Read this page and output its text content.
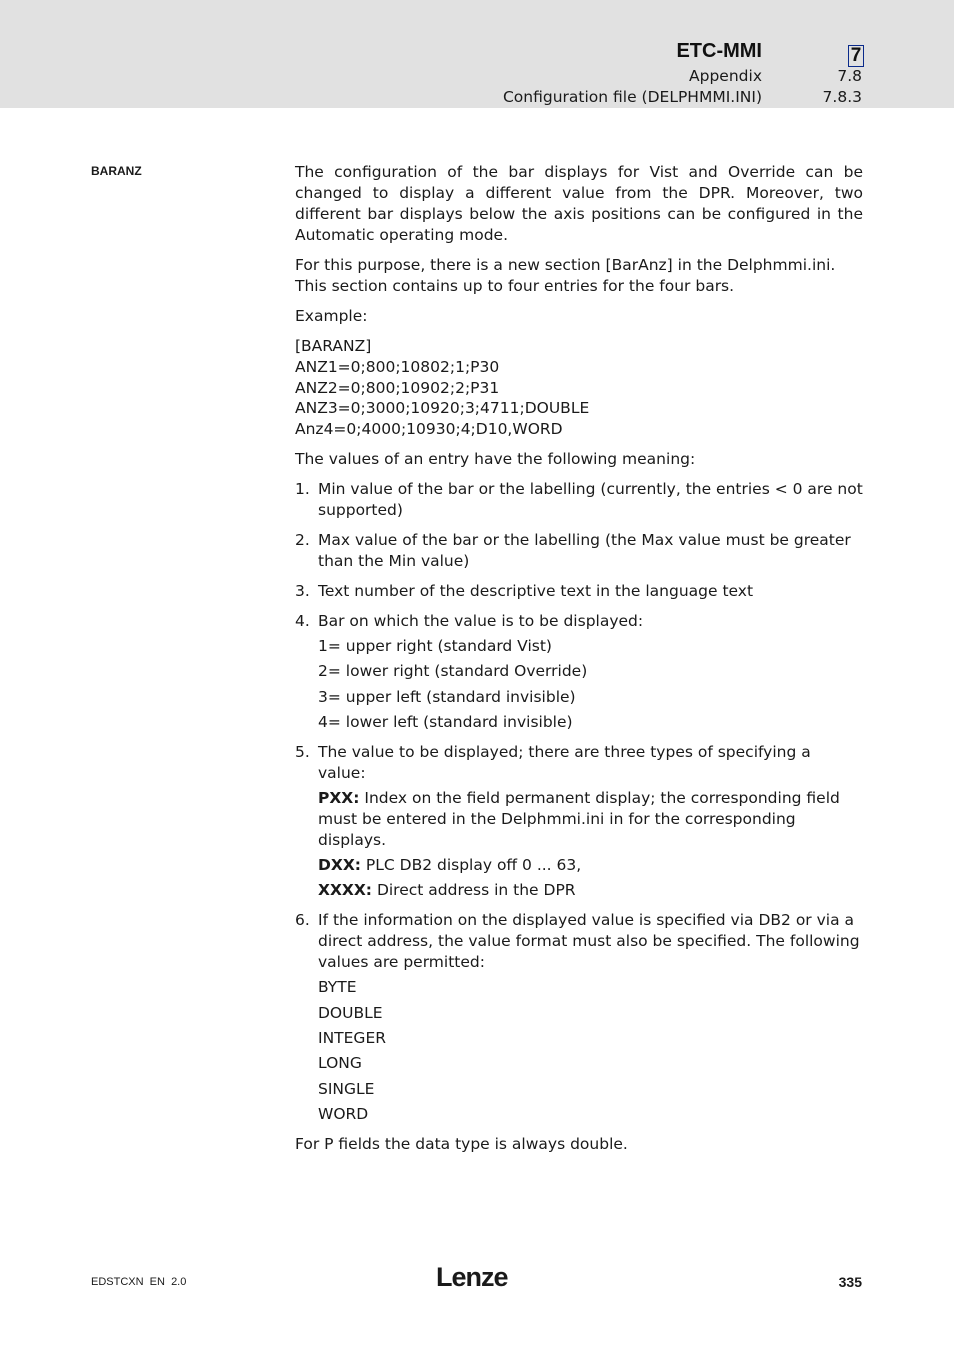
ETC-MMI	7
Appendix	7.8
Configuration file (DELPHMMI.INI)	7.8.3
BARANZ	The configuration of the bar displays for Vist and Override can be changed to display a different value from the DPR. Moreover, two different bar displays below the axis positions can be configured in the Automatic operating mode.

For this purpose, there is a new section [BarAnz] in the Delphmmi.ini. This section contains up to four entries for the four bars.

Example:

[BARANZ]
ANZ1=0;800;10802;1;P30
ANZ2=0;800;10902;2;P31
ANZ3=0;3000;10920;3;4711;DOUBLE
Anz4=0;4000;10930;4;D10,WORD

The values of an entry have the following meaning:

1. Min value of the bar or the labelling (currently, the entries < 0 are not supported)
2. Max value of the bar or the labelling (the Max value must be greater than the Min value)
3. Text number of the descriptive text in the language text
4. Bar on which the value is to be displayed:
1= upper right (standard Vist)
2= lower right (standard Override)
3= upper left (standard invisible)
4= lower left (standard invisible)
5. The value to be displayed; there are three types of specifying a value:
PXX: Index on the field permanent display; the corresponding field must be entered in the Delphmmi.ini in for the corresponding displays.
DXX: PLC DB2 display off 0 ... 63,
XXXX: Direct address in the DPR
6. If the information on the displayed value is specified via DB2 or via a direct address, the value format must also be specified. The following values are permitted:
BYTE
DOUBLE
INTEGER
LONG
SINGLE
WORD

For P fields the data type is always double.

EDSTCXN  EN  2.0	Lenze	335
